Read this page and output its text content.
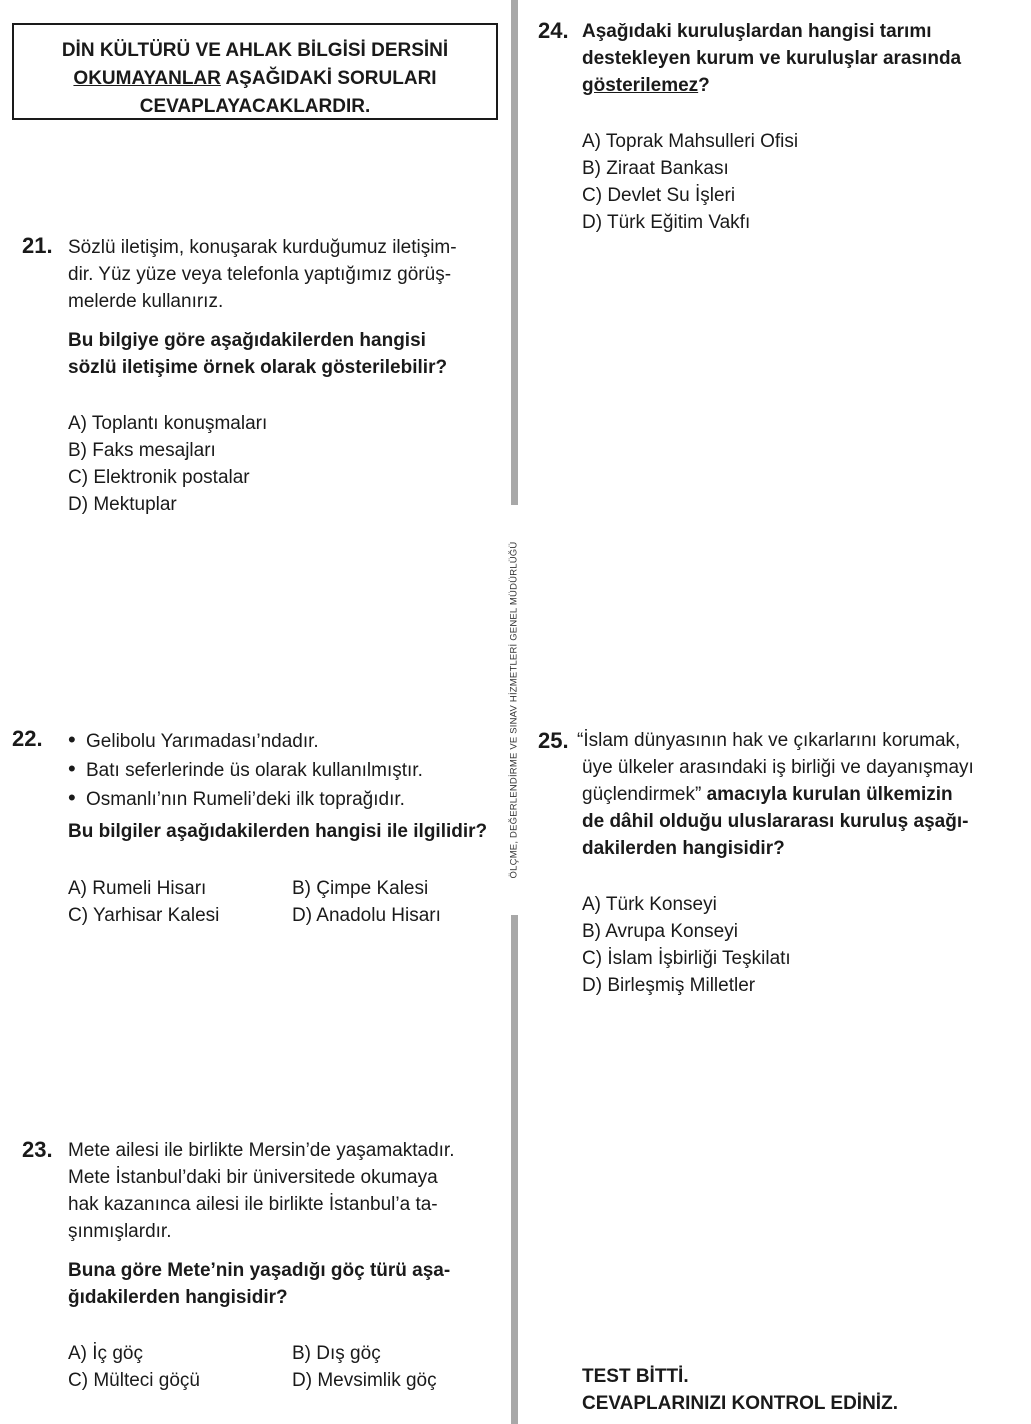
DİN KÜLTÜRÜ VE AHLAK BİLGİSİ DERSİNİ
OKUMAYANLAR AŞAĞIDAKİ SORULARI
CEVAPLAYACAKLARDIR.
ÖLÇME, DEĞERLENDİRME VE SINAV HİZMETLERİ GENEL MÜDÜRLÜĞÜ
21. Sözlü iletişim, konuşarak kurduğumuz iletişim-
dir. Yüz yüze veya telefonla yaptığımız görüş-
melerde kullanırız.
Bu bilgiye göre aşağıdakilerden hangisi
sözlü iletişime örnek olarak gösterilebilir?
A) Toplantı konuşmaları
B) Faks mesajları
C) Elektronik postalar
D) Mektuplar
22.
•	Gelibolu Yarımadası’ndadır.
• Batı seferlerinde üs olarak kullanılmıştır.
• Osmanlı’nın Rumeli’deki ilk toprağıdır.
Bu bilgiler aşağıdakilerden hangisi ile ilgilidir?
A) Rumeli Hisarı	B) Çimpe Kalesi
C) Yarhisar Kalesi	D) Anadolu Hisarı
23. Mete ailesi ile birlikte Mersin’de yaşamaktadır.
Mete İstanbul’daki bir üniversitede okumaya
hak kazanınca ailesi ile birlikte İstanbul’a ta-
şınmışlardır.
Buna göre Mete’nin yaşadığı göç türü aşa-
ğıdakilerden hangisidir?
A) İç göç	B) Dış göç
C) Mülteci göçü	D) Mevsimlik göç
24. Aşağıdaki kuruluşlardan hangisi tarımı
destekleyen kurum ve kuruluşlar arasında
gösterilemez?
A) Toprak Mahsulleri Ofisi
B) Ziraat Bankası
C) Devlet Su İşleri
D) Türk Eğitim Vakfı
25. “İslam dünyasının hak ve çıkarlarını korumak,
üye ülkeler arasındaki iş birliği ve dayanışmayı
güçlendirmek” amacıyla kurulan ülkemizin
de dâhil olduğu uluslararası kuruluş aşağı-
dakilerden hangisidir?
A) Türk Konseyi
B) Avrupa Konseyi
C) İslam İşbirliği Teşkilatı
D) Birleşmiş Milletler
TEST BİTTİ.
CEVAPLARINIZI KONTROL EDİNİZ.
